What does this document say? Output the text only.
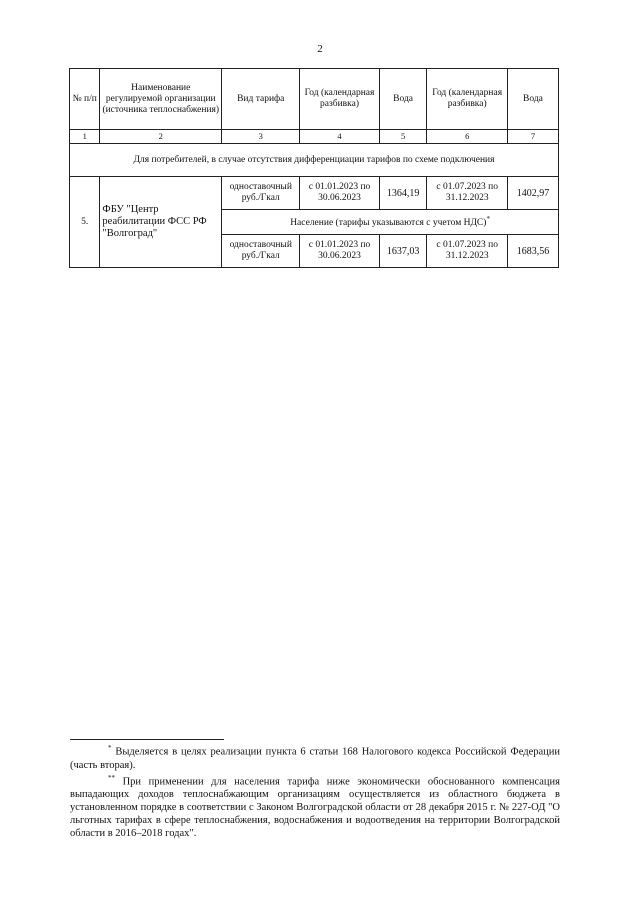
2
№ п/п	Наименование регулируемой организации (источника теплоснабжения)	Вид тарифа	Год (календарная разбивка)	Вода	Год (календарная разбивка)	Вода
1	2	3	4	5	6	7
Для потребителей, в случае отсутствия дифференциации тарифов по схеме подключения						
5.	ФБУ "Центр реабилитации ФСС РФ "Волгоград"	одноставочный руб./Гкал	с 01.01.2023 по 30.06.2023	1364,19	с 01.07.2023 по 31.12.2023	1402,97
		Население (тарифы указываются с учетом НДС)*
		одноставочный руб./Гкал	с 01.01.2023 по 30.06.2023	1637,03	с 01.07.2023 по 31.12.2023	1683,56

* Выделяется в целях реализации пункта 6 статьи 168 Налогового кодекса Российской Федерации (часть вторая).

** При применении для населения тарифа ниже экономически обоснованного компенсация выпадающих доходов теплоснабжающим организациям осуществляется из областного бюджета в установленном порядке в соответствии с Законом Волгоградской области от 28 декабря 2015 г. № 227-ОД "О льготных тарифах в сфере теплоснабжения, водоснабжения и водоотведения на территории Волгоградской области в 2016–2018 годах".
